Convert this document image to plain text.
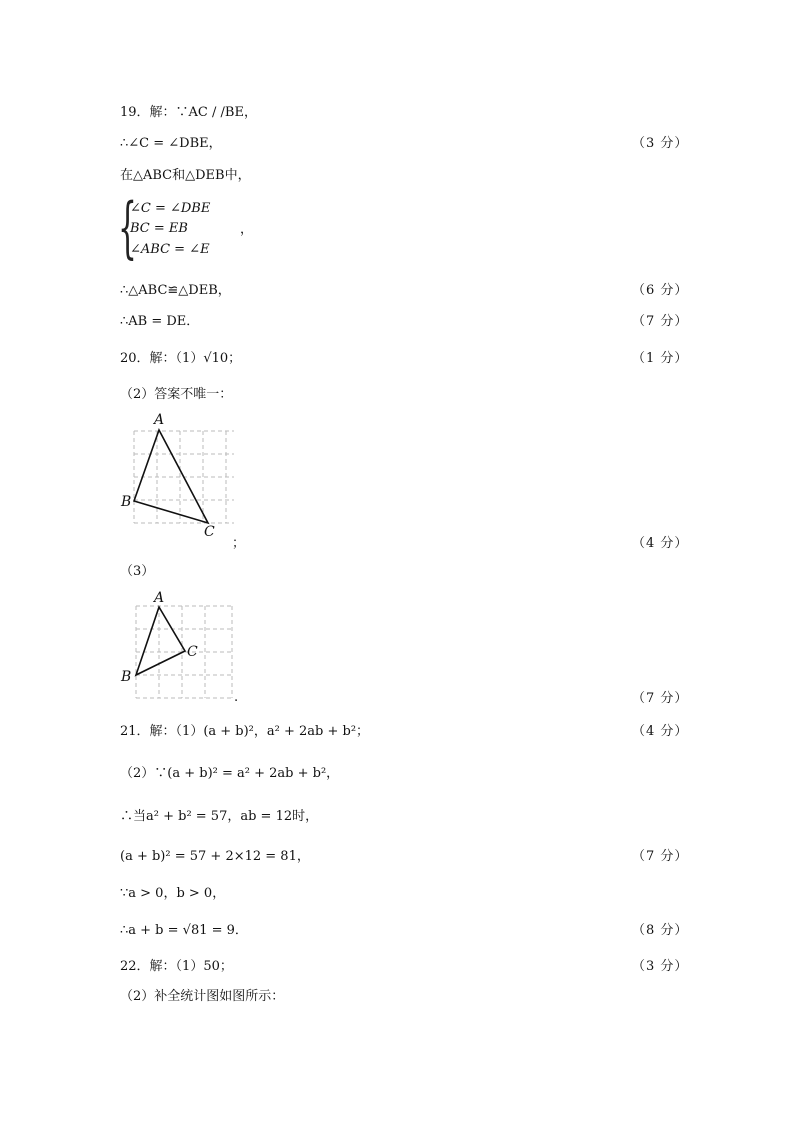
19．解：∵AC / /BE，
∴∠C = ∠DBE，	（3 分）
在△ABC和△DEB中，
{
∠C = ∠DBE
BC = EB
∠ABC = ∠E
，
∴△ABC≌△DEB，	（6 分）
∴AB = DE．	（7 分）
20．解：（1）√10；	（1 分）
（2）答案不唯一：
A
B
C
；	（4 分）
（3）
A
B
C
.	（7 分）
21．解：（1）(a + b)²，a² + 2ab + b²；	（4 分）
（2）∵(a + b)² = a² + 2ab + b²，
∴当a² + b² = 57，ab = 12时，
(a + b)² = 57 + 2×12 = 81，	（7 分）
∵a > 0，b > 0，
∴a + b = √81 = 9．	（8 分）
22．解：（1）50；	（3 分）
（2）补全统计图如图所示：
